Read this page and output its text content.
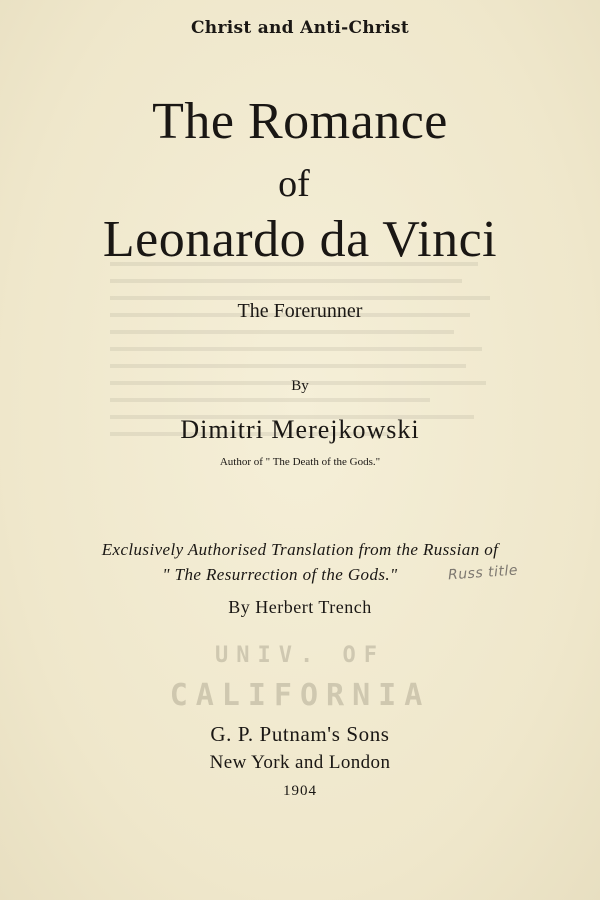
Christ and Anti-Christ
The Romance
of
Leonardo da Vinci
The Forerunner
By
Dimitri Merejkowski
Author of " The Death of the Gods."
Exclusively Authorised Translation from the Russian of
" The Resurrection of the Gods."	Russ title
By Herbert Trench
UNIV. OF
CALIFORNIA
G. P. Putnam's Sons
New York and London
1904
